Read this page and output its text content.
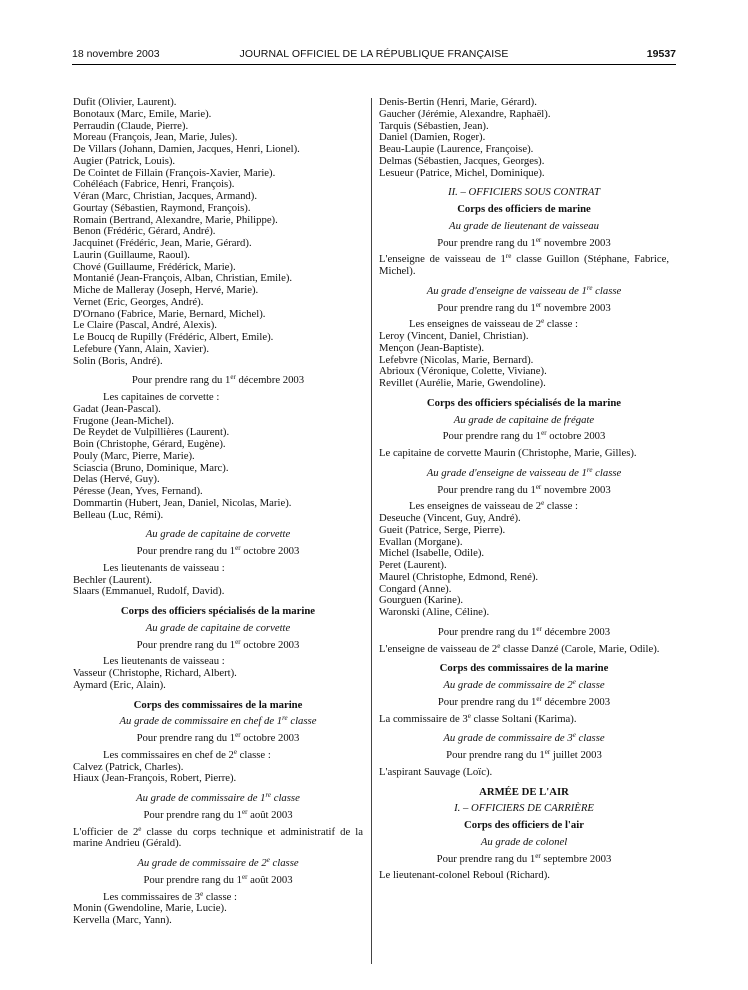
18 novembre 2003	JOURNAL OFFICIEL DE LA RÉPUBLIQUE FRANÇAISE	19537
Dufit (Olivier, Laurent).
Bonotaux (Marc, Emile, Marie).
Perraudin (Claude, Pierre).
Moreau (François, Jean, Marie, Jules).
De Villars (Johann, Damien, Jacques, Henri, Lionel).
Augier (Patrick, Louis).
De Cointet de Fillain (François-Xavier, Marie).
Cohéléach (Fabrice, Henri, François).
Véran (Marc, Christian, Jacques, Armand).
Gourtay (Sébastien, Raymond, François).
Romain (Bertrand, Alexandre, Marie, Philippe).
Benon (Frédéric, Gérard, André).
Jacquinet (Frédéric, Jean, Marie, Gérard).
Laurin (Guillaume, Raoul).
Chové (Guillaume, Frédérick, Marie).
Montanié (Jean-François, Alban, Christian, Emile).
Miche de Malleray (Joseph, Hervé, Marie).
Vernet (Eric, Georges, André).
D'Ornano (Fabrice, Marie, Bernard, Michel).
Le Claire (Pascal, André, Alexis).
Le Boucq de Rupilly (Frédéric, Albert, Emile).
Lefebure (Yann, Alain, Xavier).
Solin (Boris, André).
Pour prendre rang du 1er décembre 2003
Les capitaines de corvette :
Gadat (Jean-Pascal).
Frugone (Jean-Michel).
De Reydet de Vulpillières (Laurent).
Boin (Christophe, Gérard, Eugène).
Pouly (Marc, Pierre, Marie).
Sciascia (Bruno, Dominique, Marc).
Delas (Hervé, Guy).
Péresse (Jean, Yves, Fernand).
Dommartin (Hubert, Jean, Daniel, Nicolas, Marie).
Belleau (Luc, Rémi).
Au grade de capitaine de corvette
Pour prendre rang du 1er octobre 2003
Les lieutenants de vaisseau :
Bechler (Laurent).
Slaars (Emmanuel, Rudolf, David).
Corps des officiers spécialisés de la marine
Au grade de capitaine de corvette
Pour prendre rang du 1er octobre 2003
Les lieutenants de vaisseau :
Vasseur (Christophe, Richard, Albert).
Aymard (Eric, Alain).
Corps des commissaires de la marine
Au grade de commissaire en chef de 1re classe
Pour prendre rang du 1er octobre 2003
Les commissaires en chef de 2e classe :
Calvez (Patrick, Charles).
Hiaux (Jean-François, Robert, Pierre).
Au grade de commissaire de 1re classe
Pour prendre rang du 1er août 2003
L'officier de 2e classe du corps technique et administratif de la marine Andrieu (Gérald).
Au grade de commissaire de 2e classe
Pour prendre rang du 1er août 2003
Les commissaires de 3e classe :
Monin (Gwendoline, Marie, Lucie).
Kervella (Marc, Yann).
Denis-Bertin (Henri, Marie, Gérard).
Gaucher (Jérémie, Alexandre, Raphaël).
Tarquis (Sébastien, Jean).
Daniel (Damien, Roger).
Beau-Laupie (Laurence, Françoise).
Delmas (Sébastien, Jacques, Georges).
Lesueur (Patrice, Michel, Dominique).
II. – OFFICIERS SOUS CONTRAT
Corps des officiers de marine
Au grade de lieutenant de vaisseau
Pour prendre rang du 1er novembre 2003
L'enseigne de vaisseau de 1re classe Guillon (Stéphane, Fabrice, Michel).
Au grade d'enseigne de vaisseau de 1re classe
Pour prendre rang du 1er novembre 2003
Les enseignes de vaisseau de 2e classe :
Leroy (Vincent, Daniel, Christian).
Mençon (Jean-Baptiste).
Lefebvre (Nicolas, Marie, Bernard).
Abrioux (Véronique, Colette, Viviane).
Revillet (Aurélie, Marie, Gwendoline).
Corps des officiers spécialisés de la marine
Au grade de capitaine de frégate
Pour prendre rang du 1er octobre 2003
Le capitaine de corvette Maurin (Christophe, Marie, Gilles).
Au grade d'enseigne de vaisseau de 1re classe
Pour prendre rang du 1er novembre 2003
Les enseignes de vaisseau de 2e classe :
Deseuche (Vincent, Guy, André).
Gueit (Patrice, Serge, Pierre).
Evallan (Morgane).
Michel (Isabelle, Odile).
Peret (Laurent).
Maurel (Christophe, Edmond, René).
Congard (Anne).
Gourguen (Karine).
Waronski (Aline, Céline).
Pour prendre rang du 1er décembre 2003
L'enseigne de vaisseau de 2e classe Danzé (Carole, Marie, Odile).
Corps des commissaires de la marine
Au grade de commissaire de 2e classe
Pour prendre rang du 1er décembre 2003
La commissaire de 3e classe Soltani (Karima).
Au grade de commissaire de 3e classe
Pour prendre rang du 1er juillet 2003
L'aspirant Sauvage (Loïc).
ARMÉE DE L'AIR
I. – OFFICIERS DE CARRIÈRE
Corps des officiers de l'air
Au grade de colonel
Pour prendre rang du 1er septembre 2003
Le lieutenant-colonel Reboul (Richard).
